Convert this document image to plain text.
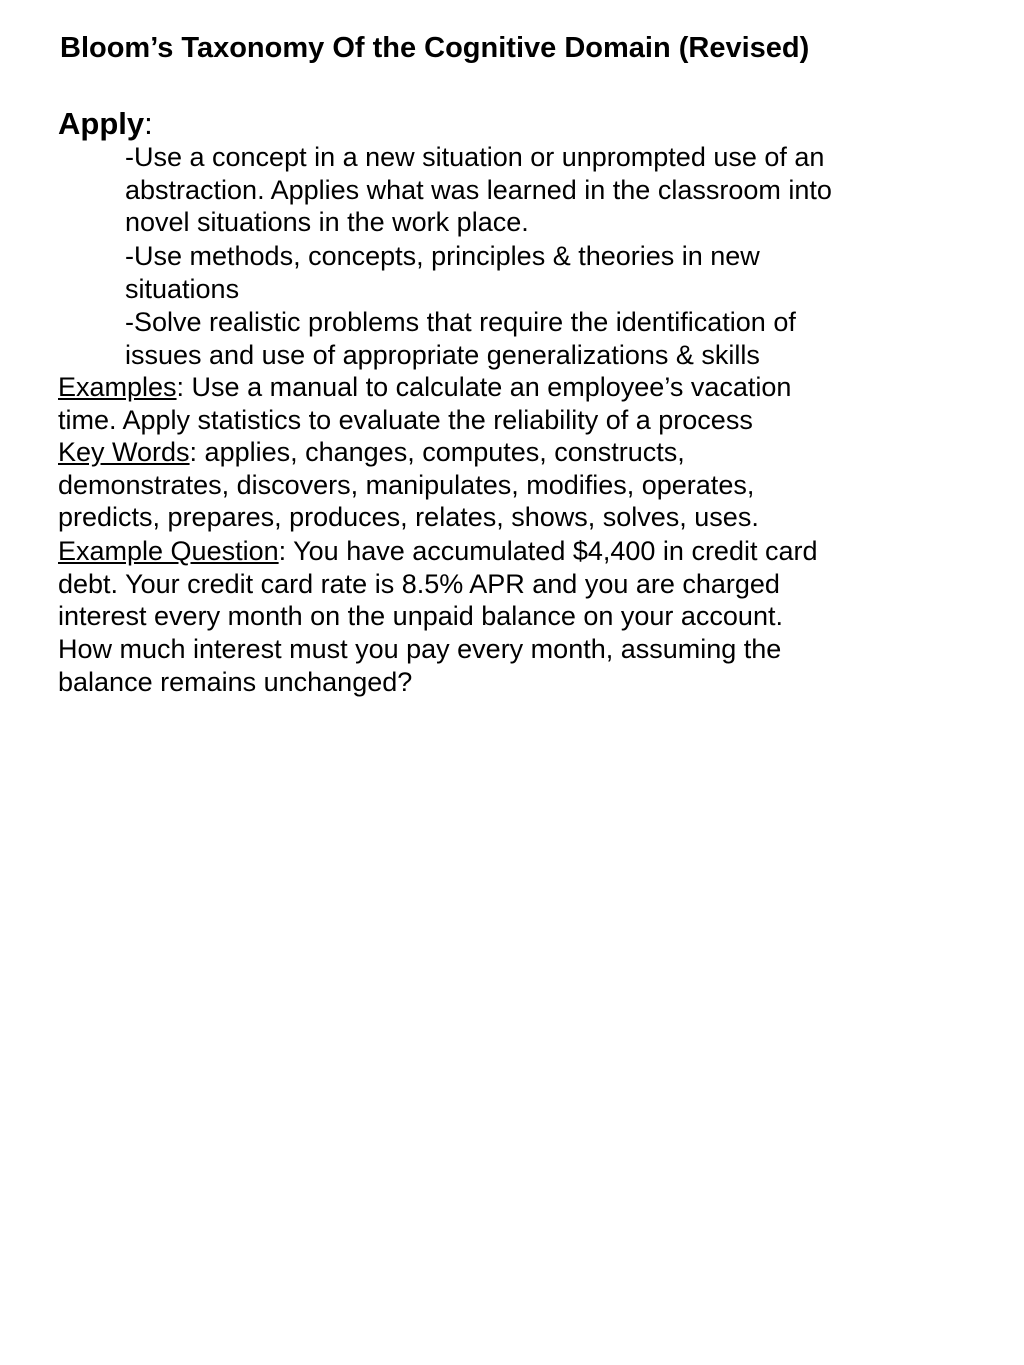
Bloom’s Taxonomy Of the Cognitive Domain (Revised)
Apply:
-Use a concept in a new situation or unprompted use of an
abstraction. Applies what was learned in the classroom into
novel situations in the work place.
-Use methods, concepts, principles & theories in new
situations
-Solve realistic problems that require the identification of
issues and use of appropriate generalizations & skills
Examples: Use a manual to calculate an employee’s vacation
time. Apply statistics to evaluate the reliability of a process
Key Words: applies, changes, computes, constructs,
demonstrates, discovers, manipulates, modifies, operates,
predicts, prepares, produces, relates, shows, solves, uses.
Example Question: You have accumulated $4,400 in credit card
debt. Your credit card rate is 8.5% APR and you are charged
interest every month on the unpaid balance on your account.
How much interest must you pay every month, assuming the
balance remains unchanged?
